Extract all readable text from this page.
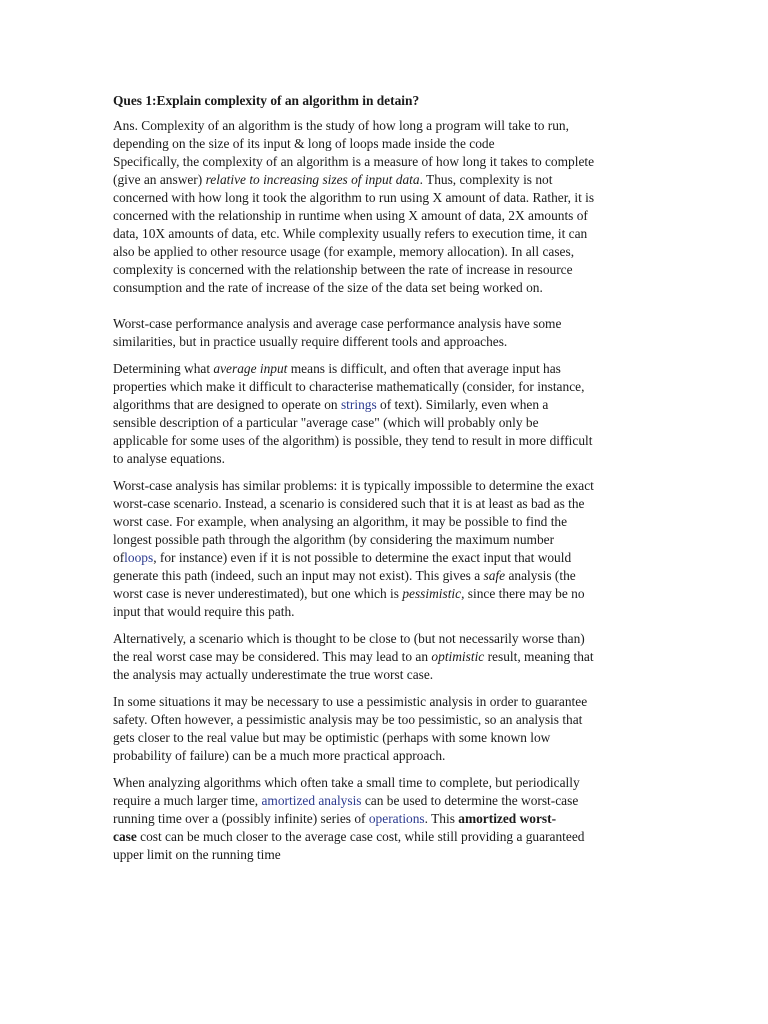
Ques 1:Explain complexity of an algorithm in detain?
Ans. Complexity of an algorithm is the study of how long a program will take to run,
depending on the size of its input & long of loops made inside the code
Specifically, the complexity of an algorithm is a measure of how long it takes to complete
(give an answer) relative to increasing sizes of input data. Thus, complexity is not
concerned with how long it took the algorithm to run using X amount of data. Rather, it is
concerned with the relationship in runtime when using X amount of data, 2X amounts of
data, 10X amounts of data, etc. While complexity usually refers to execution time, it can
also be applied to other resource usage (for example, memory allocation). In all cases,
complexity is concerned with the relationship between the rate of increase in resource
consumption and the rate of increase of the size of the data set being worked on.
Worst-case performance analysis and average case performance analysis have some
similarities, but in practice usually require different tools and approaches.
Determining what average input means is difficult, and often that average input has
properties which make it difficult to characterise mathematically (consider, for instance,
algorithms that are designed to operate on strings of text). Similarly, even when a
sensible description of a particular "average case" (which will probably only be
applicable for some uses of the algorithm) is possible, they tend to result in more difficult
to analyse equations.
Worst-case analysis has similar problems: it is typically impossible to determine the exact
worst-case scenario. Instead, a scenario is considered such that it is at least as bad as the
worst case. For example, when analysing an algorithm, it may be possible to find the
longest possible path through the algorithm (by considering the maximum number
ofloops, for instance) even if it is not possible to determine the exact input that would
generate this path (indeed, such an input may not exist). This gives a safe analysis (the
worst case is never underestimated), but one which is pessimistic, since there may be no
input that would require this path.
Alternatively, a scenario which is thought to be close to (but not necessarily worse than)
the real worst case may be considered. This may lead to an optimistic result, meaning that
the analysis may actually underestimate the true worst case.
In some situations it may be necessary to use a pessimistic analysis in order to guarantee
safety. Often however, a pessimistic analysis may be too pessimistic, so an analysis that
gets closer to the real value but may be optimistic (perhaps with some known low
probability of failure) can be a much more practical approach.
When analyzing algorithms which often take a small time to complete, but periodically
require a much larger time, amortized analysis can be used to determine the worst-case
running time over a (possibly infinite) series of operations. This amortized worst-
case cost can be much closer to the average case cost, while still providing a guaranteed
upper limit on the running time
